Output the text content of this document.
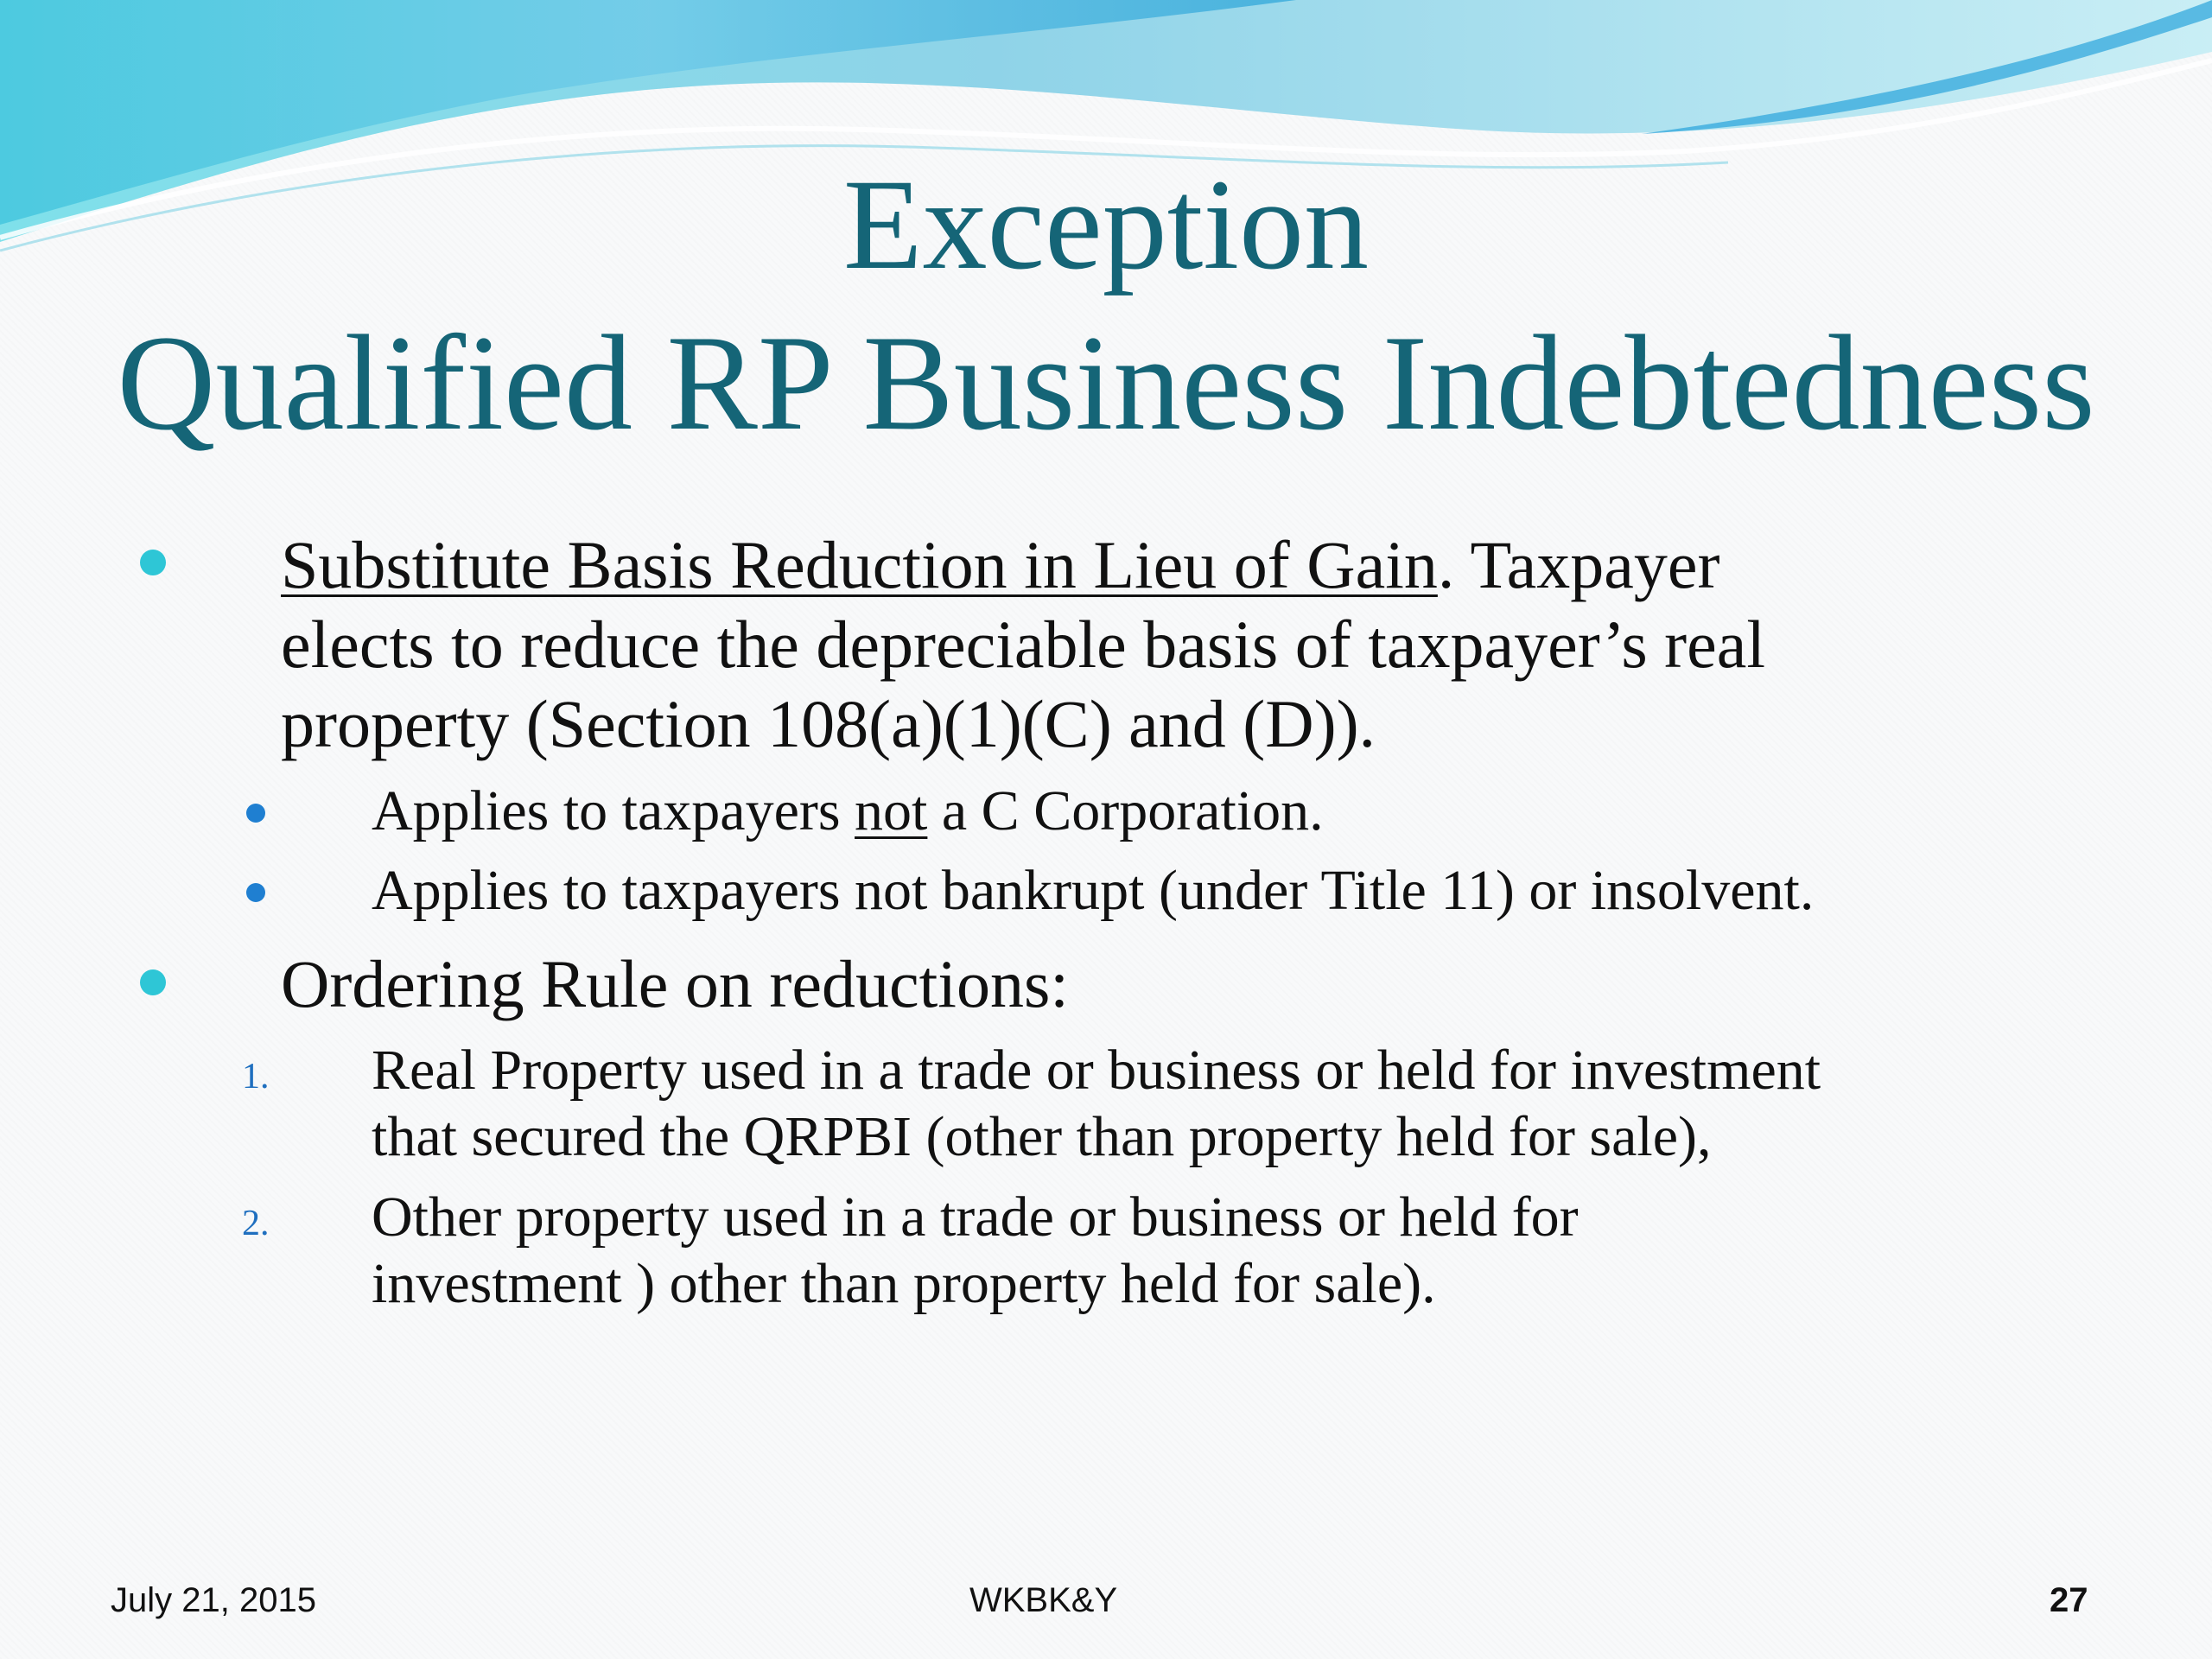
Exception
Qualified RP Business Indebtedness
Substitute Basis Reduction in Lieu of Gain. Taxpayer
elects to reduce the depreciable basis of taxpayer’s real
property (Section 108(a)(1)(C) and (D)).
Applies to taxpayers not a C Corporation.
Applies to taxpayers not bankrupt (under Title 11) or insolvent.
Ordering Rule on reductions:
1. Real Property used in a trade or business or held for investment
that secured the QRPBI (other than property held for sale),
2. Other property used in a trade or business or held for
investment ) other than property held for sale).
July 21, 2015	WKBK&Y	27
